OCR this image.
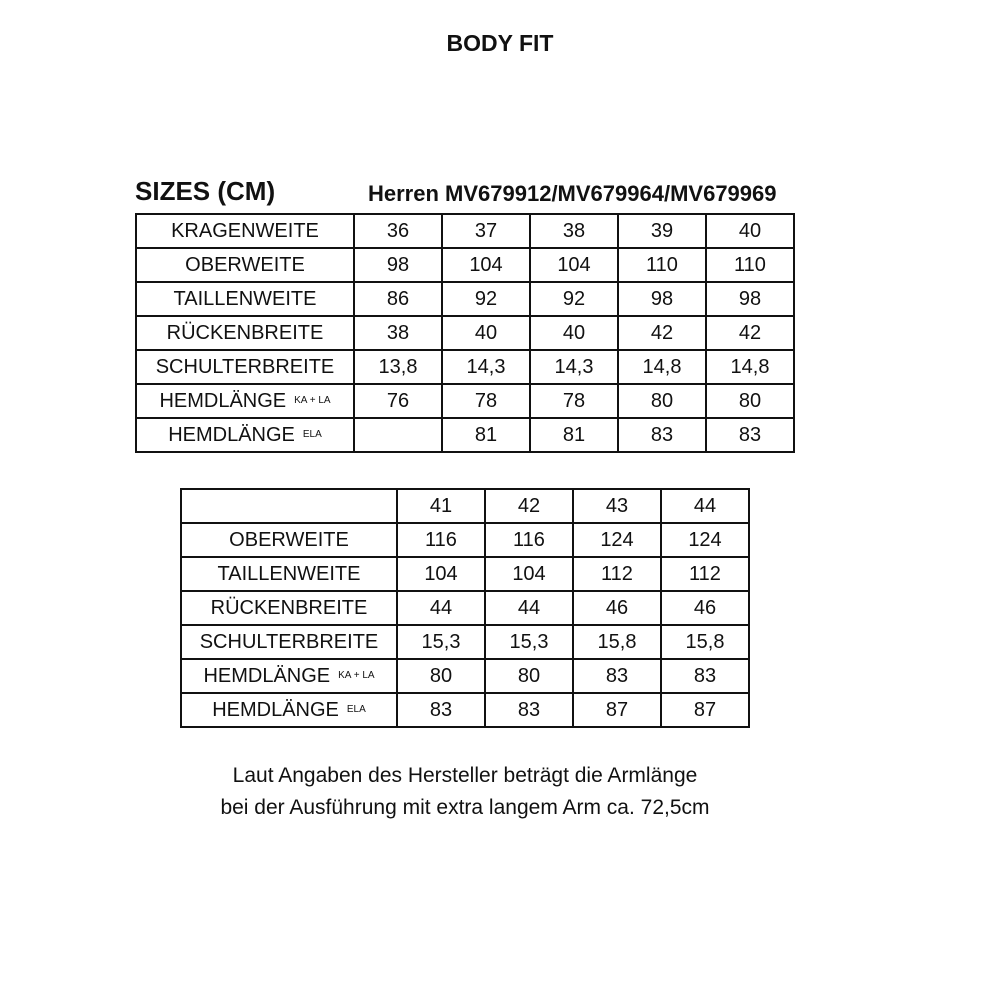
BODY FIT
SIZES (CM)	Herren MV679912/MV679964/MV679969
KRAGENWEITE	36	37	38	39	40
OBERWEITE	98	104	104	110	110
TAILLENWEITE	86	92	92	98	98
RÜCKENBREITE	38	40	40	42	42
SCHULTERBREITE	13,8	14,3	14,3	14,8	14,8
HEMDLÄNGE $^{KA + LA}$	76	78	78	80	80
HEMDLÄNGE $^{ELA}$		81	81	83	83
	41	42	43	44
OBERWEITE	116	116	124	124
TAILLENWEITE	104	104	112	112
RÜCKENBREITE	44	44	46	46
SCHULTERBREITE	15,3	15,3	15,8	15,8
HEMDLÄNGE $^{KA + LA}$	80	80	83	83
HEMDLÄNGE $^{ELA}$	83	83	87	87
Laut Angaben des Hersteller beträgt die Armlänge
bei der Ausführung mit extra langem Arm ca. 72,5cm
